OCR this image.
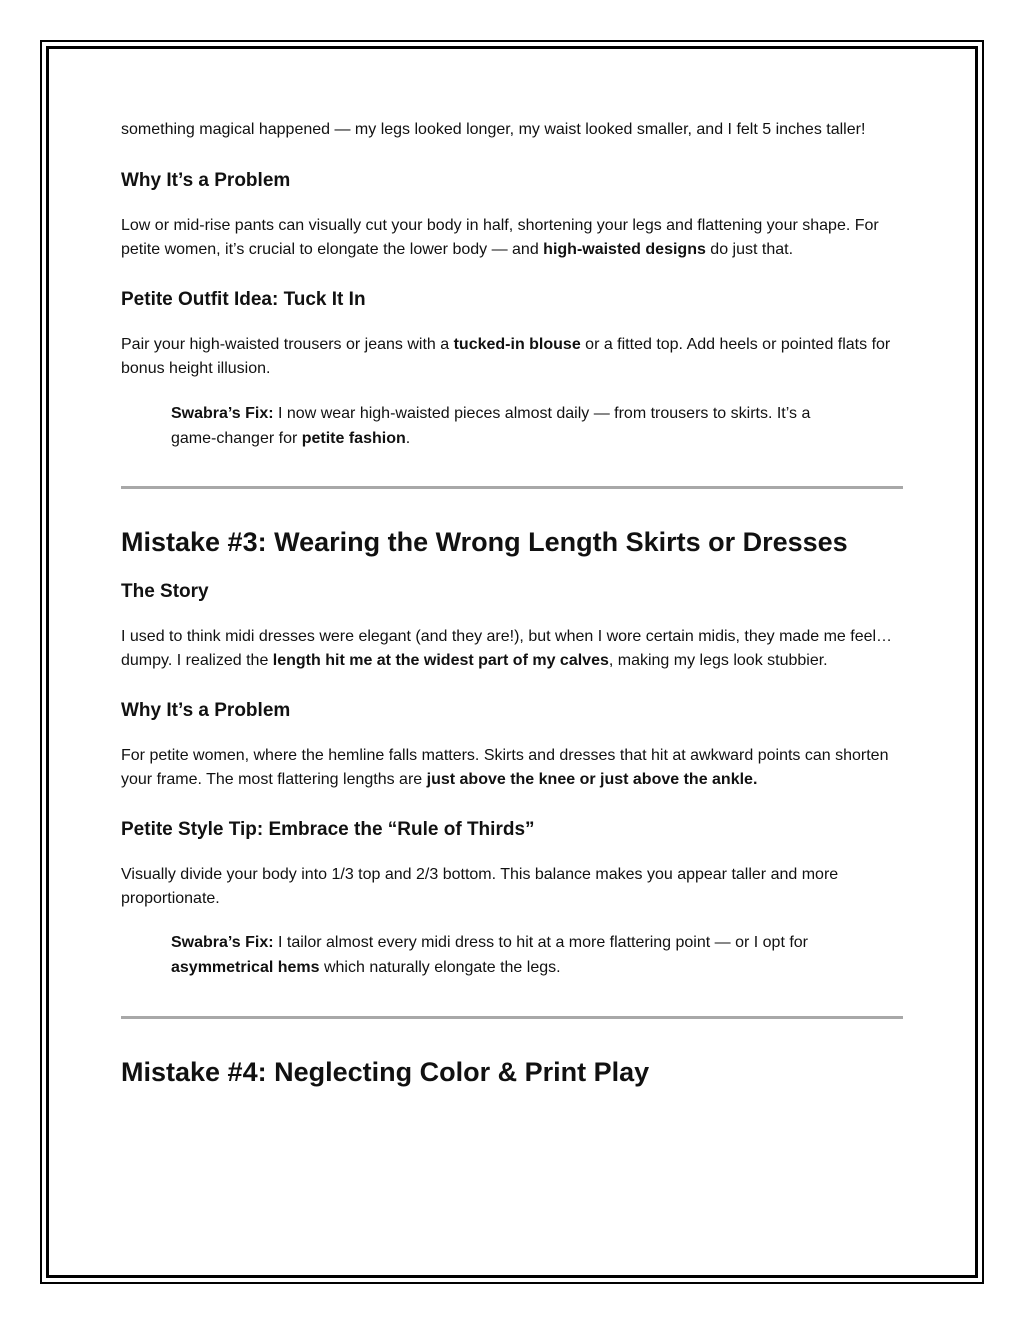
something magical happened — my legs looked longer, my waist looked smaller, and I felt 5 inches taller!

Why It’s a Problem

Low or mid-rise pants can visually cut your body in half, shortening your legs and flattening your shape. For petite women, it’s crucial to elongate the lower body — and high-waisted designs do just that.

Petite Outfit Idea: Tuck It In

Pair your high-waisted trousers or jeans with a tucked-in blouse or a fitted top. Add heels or pointed flats for bonus height illusion.

Swabra’s Fix: I now wear high-waisted pieces almost daily — from trousers to skirts. It’s a game-changer for petite fashion.
Mistake #3: Wearing the Wrong Length Skirts or Dresses
The Story

I used to think midi dresses were elegant (and they are!), but when I wore certain midis, they made me feel… dumpy. I realized the length hit me at the widest part of my calves, making my legs look stubbier.

Why It’s a Problem

For petite women, where the hemline falls matters. Skirts and dresses that hit at awkward points can shorten your frame. The most flattering lengths are just above the knee or just above the ankle.

Petite Style Tip: Embrace the “Rule of Thirds”

Visually divide your body into 1/3 top and 2/3 bottom. This balance makes you appear taller and more proportionate.

Swabra’s Fix: I tailor almost every midi dress to hit at a more flattering point — or I opt for asymmetrical hems which naturally elongate the legs.
Mistake #4: Neglecting Color & Print Play
